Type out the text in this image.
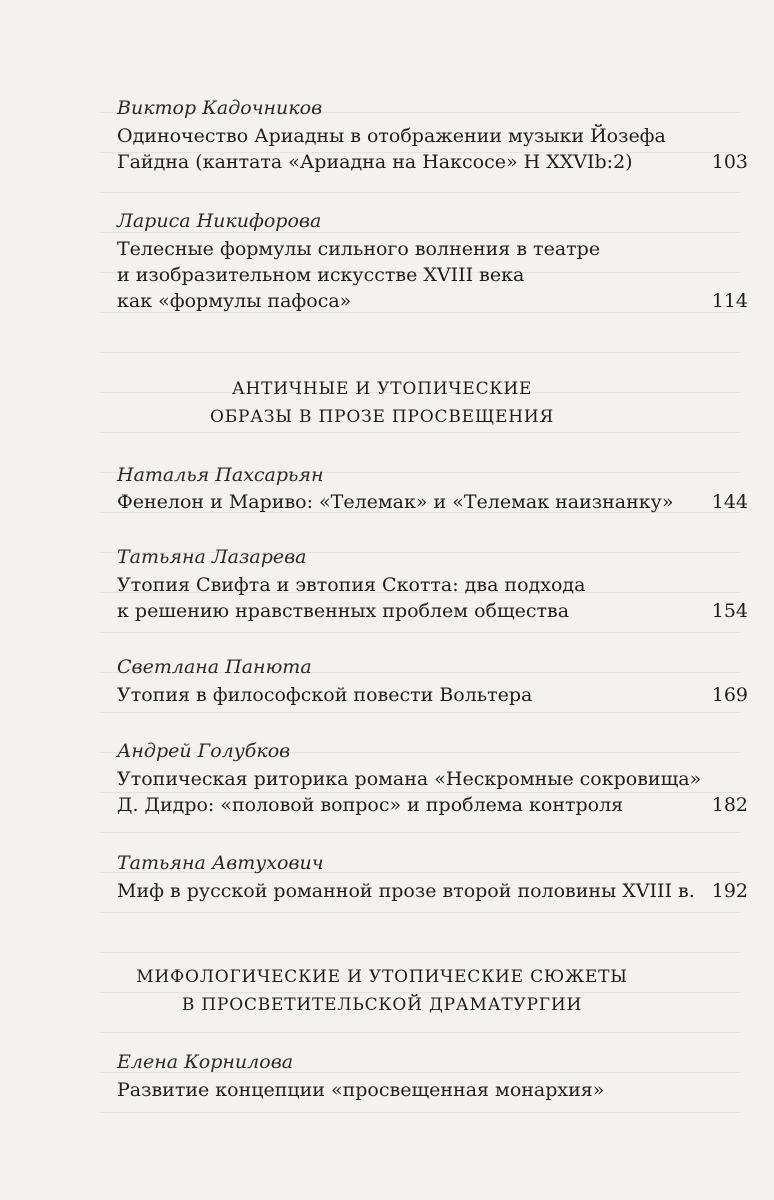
Виктор Кадочников
Одиночество Ариадны в отображении музыки Йозефа
Гайдна (кантата «Ариадна на Наксосе» H XXVIb:2)	103
Лариса Никифорова
Телесные формулы сильного волнения в театре
и изобразительном искусстве XVIII века
как «формулы пафоса»	114
АНТИЧНЫЕ И УТОПИЧЕСКИЕ
ОБРАЗЫ В ПРОЗЕ ПРОСВЕЩЕНИЯ
Наталья Пахсарьян
Фенелон и Мариво: «Телемак» и «Телемак наизнанку» 144
Татьяна Лазарева
Утопия Свифта и эвтопия Скотта: два подхода
к решению нравственных проблем общества	154
Светлана Панюта
Утопия в философской повести Вольтера	169
Андрей Голубков
Утопическая риторика романа «Нескромные сокровища»
Д. Дидро: «половой вопрос» и проблема контроля	182
Татьяна Автухович
Миф в русской романной прозе второй половины XVIII в. 192
МИФОЛОГИЧЕСКИЕ И УТОПИЧЕСКИЕ СЮЖЕТЫ
В ПРОСВЕТИТЕЛЬСКОЙ ДРАМАТУРГИИ
Елена Корнилова
Развитие концепции «просвещенная монархия»
